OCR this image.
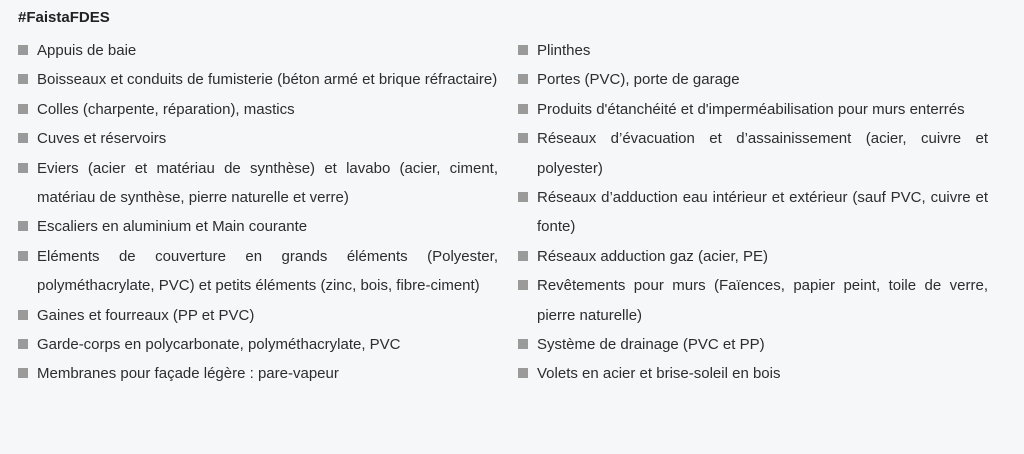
#FaistaFDES
Appuis de baie
Boisseaux et conduits de fumisterie (béton armé et brique réfractaire)
Colles (charpente, réparation), mastics
Cuves et réservoirs
Eviers (acier et matériau de synthèse) et lavabo (acier, ciment, matériau de synthèse, pierre naturelle et verre)
Escaliers en aluminium et Main courante
Eléments de couverture en grands éléments (Polyester, polyméthacrylate, PVC) et petits éléments (zinc, bois, fibre-ciment)
Gaines et fourreaux (PP et PVC)
Garde-corps en polycarbonate, polyméthacrylate, PVC
Membranes pour façade légère : pare-vapeur
Plinthes
Portes (PVC), porte de garage
Produits d'étanchéité et d'imperméabilisation pour murs enterrés
Réseaux d’évacuation et d’assainissement (acier, cuivre et polyester)
Réseaux d’adduction eau intérieur et extérieur (sauf PVC, cuivre et fonte)
Réseaux adduction gaz (acier, PE)
Revêtements pour murs (Faïences, papier peint, toile de verre, pierre naturelle)
Système de drainage (PVC et PP)
Volets en acier et brise-soleil en bois
